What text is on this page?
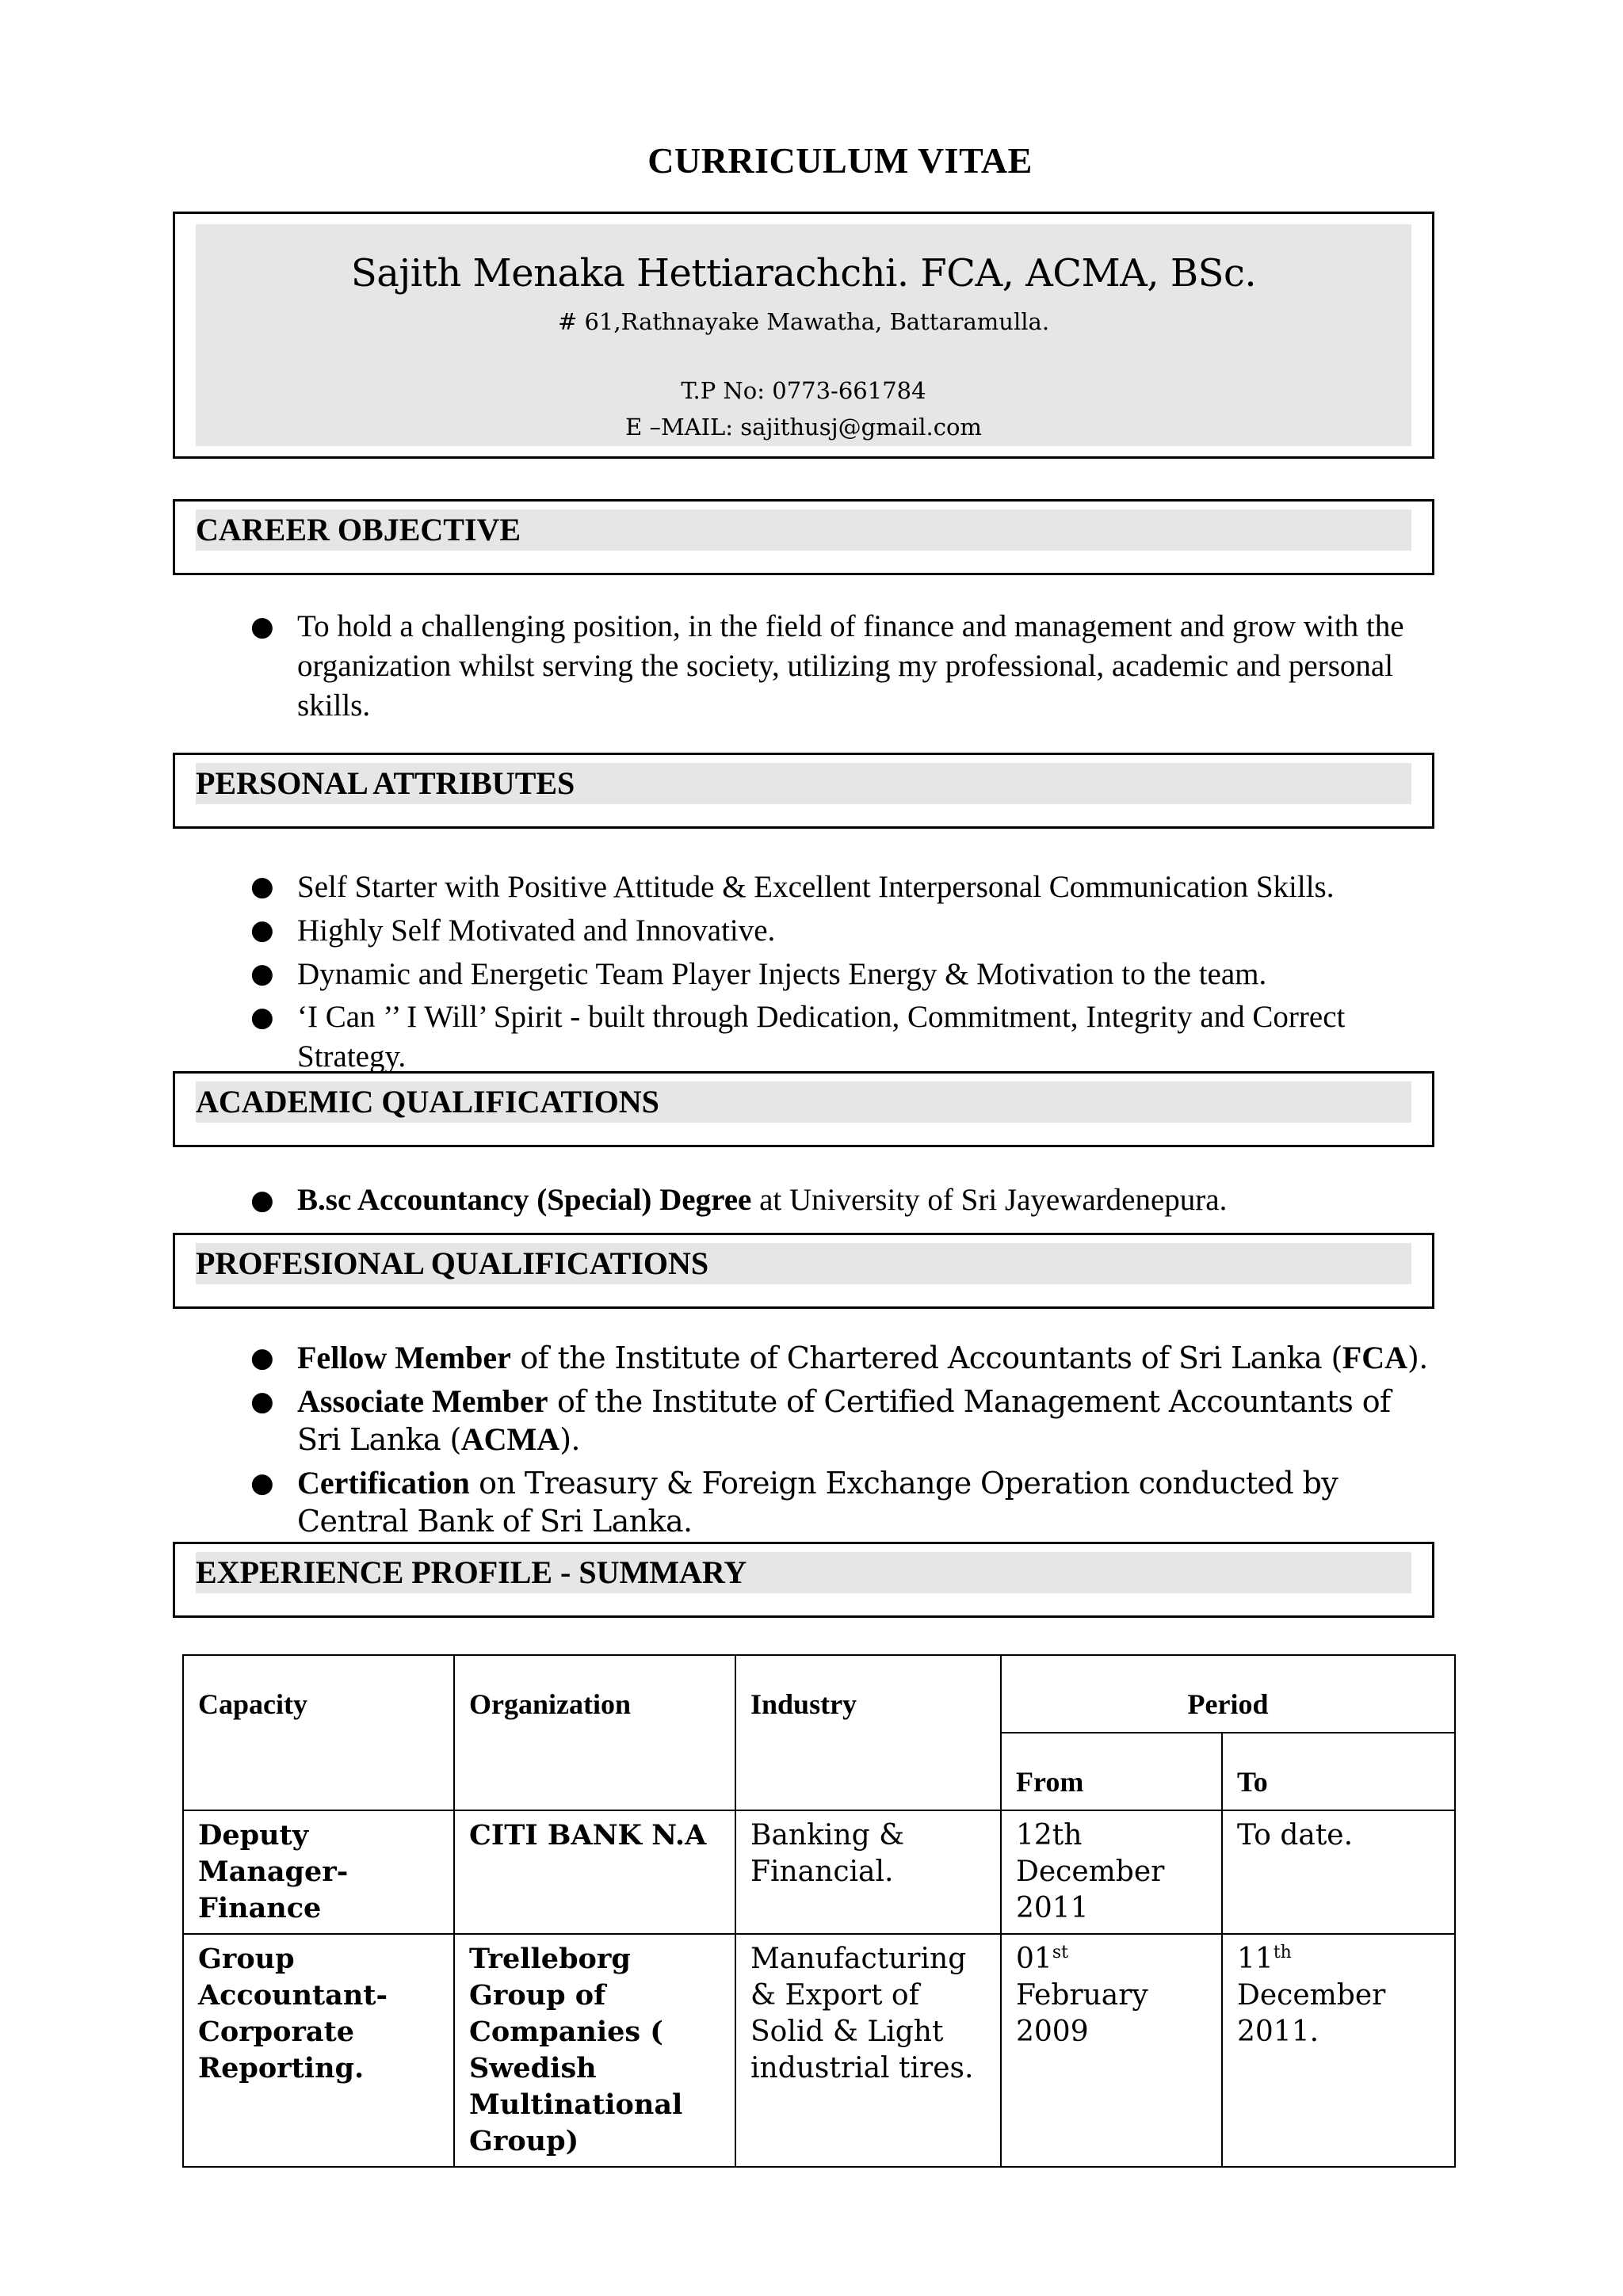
CURRICULUM VITAE
Sajith Menaka Hettiarachchi. FCA, ACMA, BSc.
# 61,Rathnayake Mawatha, Battaramulla.
T.P No: 0773-661784
E –MAIL: sajithusj@gmail.com
CAREER OBJECTIVE
● To hold a challenging position, in the field of finance and management and grow with the organization whilst serving the society, utilizing my professional, academic and personal skills.
PERSONAL ATTRIBUTES
● Self Starter with Positive Attitude & Excellent Interpersonal Communication Skills.
● Highly Self Motivated and Innovative.
● Dynamic and Energetic Team Player Injects Energy & Motivation to the team.
● ‘I Can ’’ I Will’ Spirit - built through Dedication, Commitment, Integrity and Correct Strategy.
ACADEMIC QUALIFICATIONS
● B.sc Accountancy (Special) Degree at University of Sri Jayewardenepura.
PROFESIONAL QUALIFICATIONS
● Fellow Member of the Institute of Chartered Accountants of Sri Lanka (FCA).
● Associate Member of the Institute of Certified Management Accountants of Sri Lanka (ACMA).
● Certification on Treasury & Foreign Exchange Operation conducted by Central Bank of Sri Lanka.
EXPERIENCE PROFILE - SUMMARY
Capacity	Organization	Industry	Period	
			From	To
Deputy Manager-Finance	CITI BANK N.A	Banking & Financial.	12th December 2011	To date.
Group Accountant-Corporate Reporting.	Trelleborg Group of Companies ( Swedish Multinational Group)	Manufacturing & Export of Solid & Light industrial tires.	01st February 2009	11th December 2011.
